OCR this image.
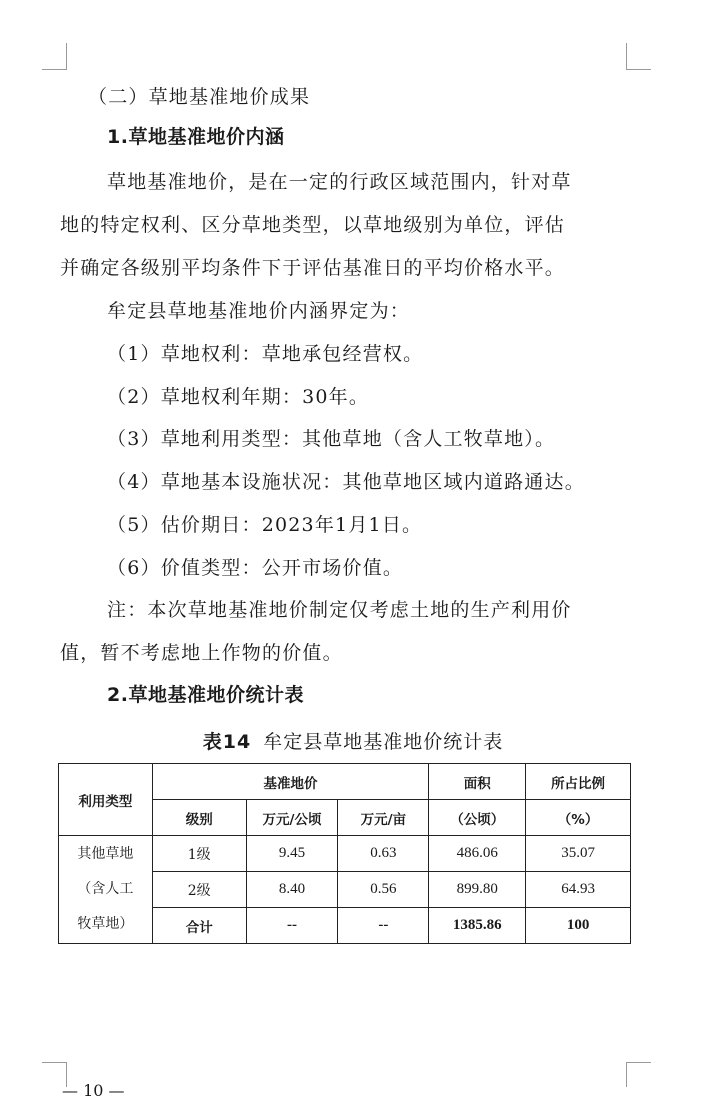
（二）草地基准地价成果
1.草地基准地价内涵
草地基准地价，是在一定的行政区域范围内，针对草
地的特定权利、区分草地类型，以草地级别为单位，评估
并确定各级别平均条件下于评估基准日的平均价格水平。
牟定县草地基准地价内涵界定为：
（1）草地权利：草地承包经营权。
（2）草地权利年期：30年。
（3）草地利用类型：其他草地（含人工牧草地）。
（4）草地基本设施状况：其他草地区域内道路通达。
（5）估价期日：2023年1月1日。
（6）价值类型：公开市场价值。
注：本次草地基准地价制定仅考虑土地的生产利用价
值，暂不考虑地上作物的价值。
2.草地基准地价统计表
表14 牟定县草地基准地价统计表
利用类型	基准地价			面积	所占比例
	级别	万元/公顷	万元/亩	（公顷）	（%）

其他草地
（含人工
牧草地）	1级	9.45	0.63	486.06	35.07
	2级	8.40	0.56	899.80	64.93
	合计	--	--	1385.86	100
— 10 —
